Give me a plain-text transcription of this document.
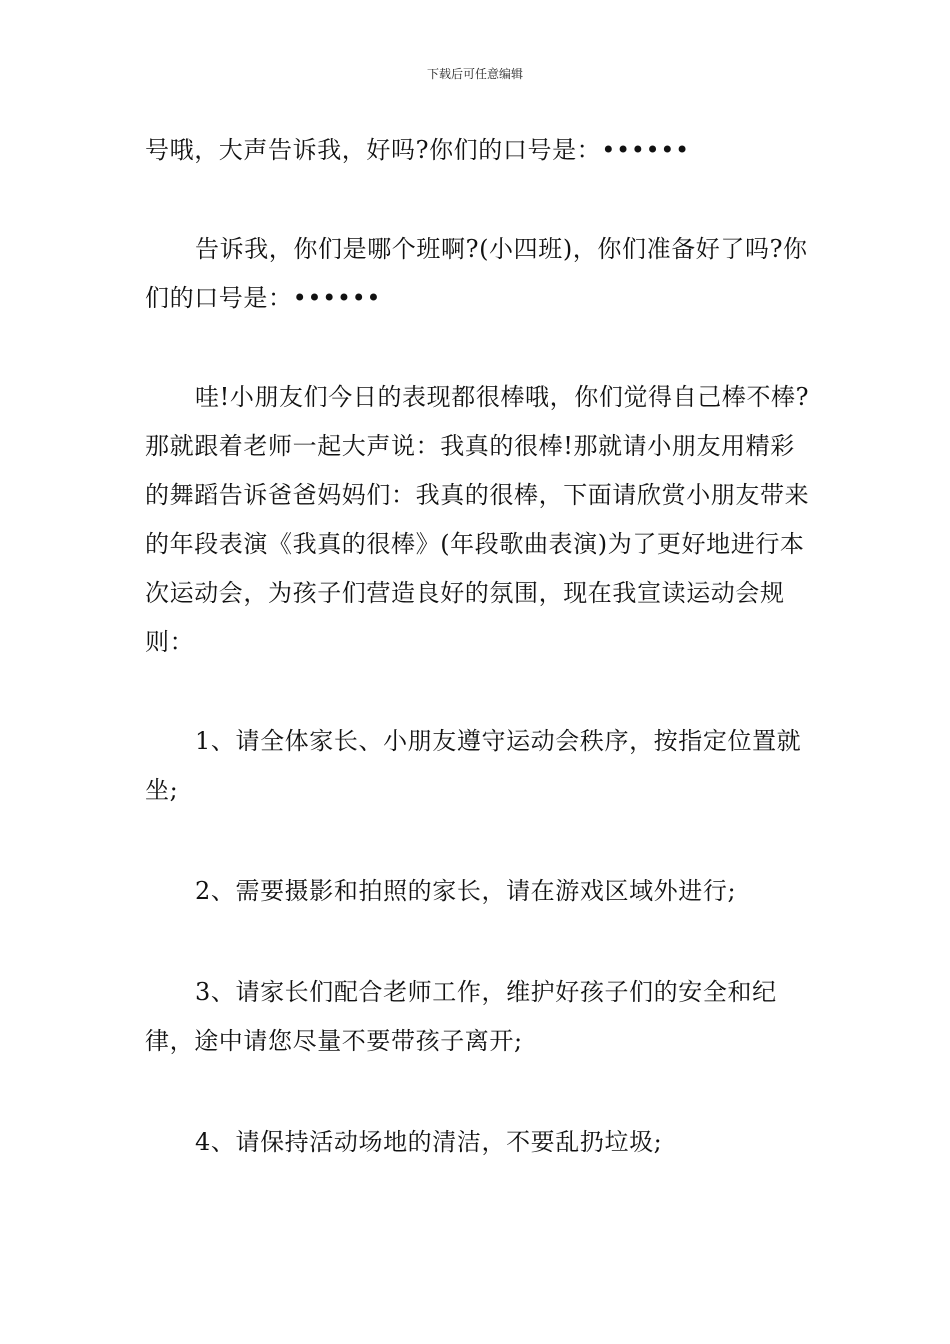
下载后可任意编辑

号哦，大声告诉我，好吗?你们的口号是：••••••

告诉我，你们是哪个班啊?(小四班)，你们准备好了吗?你们的口号是：••••••

哇!小朋友们今日的表现都很棒哦，你们觉得自己棒不棒?那就跟着老师一起大声说：我真的很棒!那就请小朋友用精彩的舞蹈告诉爸爸妈妈们：我真的很棒，下面请欣赏小朋友带来的年段表演《我真的很棒》(年段歌曲表演)为了更好地进行本次运动会，为孩子们营造良好的氛围，现在我宣读运动会规则：

1、请全体家长、小朋友遵守运动会秩序，按指定位置就坐;

2、需要摄影和拍照的家长，请在游戏区域外进行;

3、请家长们配合老师工作，维护好孩子们的安全和纪律，途中请您尽量不要带孩子离开;

4、请保持活动场地的清洁，不要乱扔垃圾;
